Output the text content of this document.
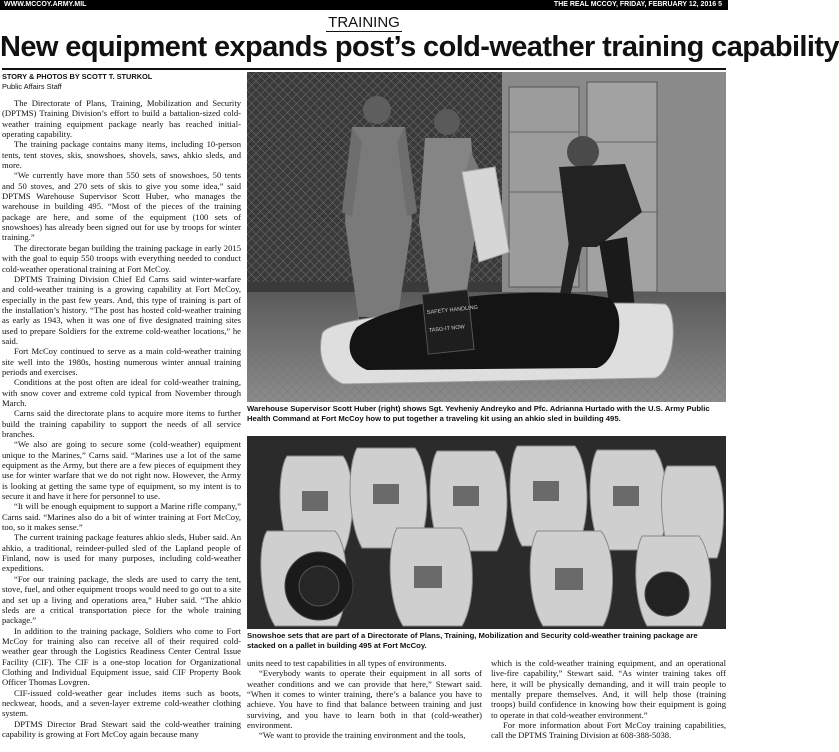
WWW.MCCOY.ARMY.MIL	THE REAL MCCOY, FRIDAY, FEBRUARY 12, 2016 5
TRAINING
New equipment expands post’s cold-weather training capability
STORY & PHOTOS BY SCOTT T. STURKOL
Public Affairs Staff

The Directorate of Plans, Training, Mobilization and Security (DPTMS) Training Division’s effort to build a battalion-sized cold-weather training equipment package nearly has reached initial-operating capability.

The training package contains many items, including 10-person tents, tent stoves, skis, snowshoes, shovels, saws, ahkio sleds, and more.

“We currently have more than 550 sets of snowshoes, 50 tents and 50 stoves, and 270 sets of skis to give you some idea,” said DPTMS Warehouse Supervisor Scott Huber, who manages the warehouse in building 495. “Most of the pieces of the training package are here, and some of the equipment (100 sets of snowshoes) has already been signed out for use by troops for winter training.”

The directorate began building the training package in early 2015 with the goal to equip 550 troops with everything needed to conduct cold-weather operational training at Fort McCoy.

DPTMS Training Division Chief Ed Carns said winter-warfare and cold-weather training is a growing capability at Fort McCoy, especially in the past few years. And, this type of training is part of the installation’s history. “The post has hosted cold-weather training as early as 1943, when it was one of five designated training sites used to prepare Soldiers for the extreme cold-weather locations,” he said.

Fort McCoy continued to serve as a main cold-weather training site well into the 1980s, hosting numerous winter annual training periods and exercises.

Conditions at the post often are ideal for cold-weather training, with snow cover and extreme cold typical from November through March.

Carns said the directorate plans to acquire more items to further build the training capability to support the needs of all service branches.

“We also are going to secure some (cold-weather) equipment unique to the Marines,” Carns said. “Marines use a lot of the same equipment as the Army, but there are a few pieces of equipment they use for winter warfare that we do not right now. However, the Army is looking at getting the same type of equipment, so my intent is to secure it and have it here for personnel to use.

“It will be enough equipment to support a Marine rifle company,” Carns said. “Marines also do a bit of winter training at Fort McCoy, too, so it makes sense.”

The current training package features ahkio sleds, Huber said. An ahkio, a traditional, reindeer-pulled sled of the Lapland people of Finland, now is used for many purposes, including cold-weather expeditions.

“For our training package, the sleds are used to carry the tent, stove, fuel, and other equipment troops would need to go out to a site and set up a living and operations area,” Huber said. “The ahkio sleds are a critical transportation piece for the whole training package.”

In addition to the training package, Soldiers who come to Fort McCoy for training also can receive all of their required cold-weather gear through the Logistics Readiness Center Central Issue Facility (CIF). The CIF is a one-stop location for Organizational Clothing and Individual Equipment issue, said CIF Property Book Officer Thomas Lovgren.

CIF-issued cold-weather gear includes items such as boots, neckwear, hoods, and a seven-layer extreme cold-weather clothing system.

DPTMS Director Brad Stewart said the cold-weather training capability is growing at Fort McCoy again because many

SAFETY HANDLING
TASG-IT NOW
Warehouse Supervisor Scott Huber (right) shows Sgt. Yevheniy Andreyko and Pfc. Adrianna Hurtado with the U.S. Army Public Health Command at Fort McCoy how to put together a traveling kit using an ahkio sled in building 495.
Snowshoe sets that are part of a Directorate of Plans, Training, Mobilization and Security cold-weather training package are stacked on a pallet in building 495 at Fort McCoy.

units need to test capabilities in all types of environments.

“Everybody wants to operate their equipment in all sorts of weather conditions and we can provide that here,” Stewart said. “When it comes to winter training, there’s a balance you have to achieve. You have to find that balance between training and just surviving, and you have to learn both in that (cold-weather) environment.

“We want to provide the training environment and the tools,

which is the cold-weather training equipment, and an operational live-fire capability,” Stewart said. “As winter training takes off here, it will be physically demanding, and it will train people to mentally prepare themselves. And, it will help those (training troops) build confidence in knowing how their equipment is going to operate in that cold-weather environment.”

For more information about Fort McCoy training capabilities, call the DPTMS Training Division at 608-388-5038.
